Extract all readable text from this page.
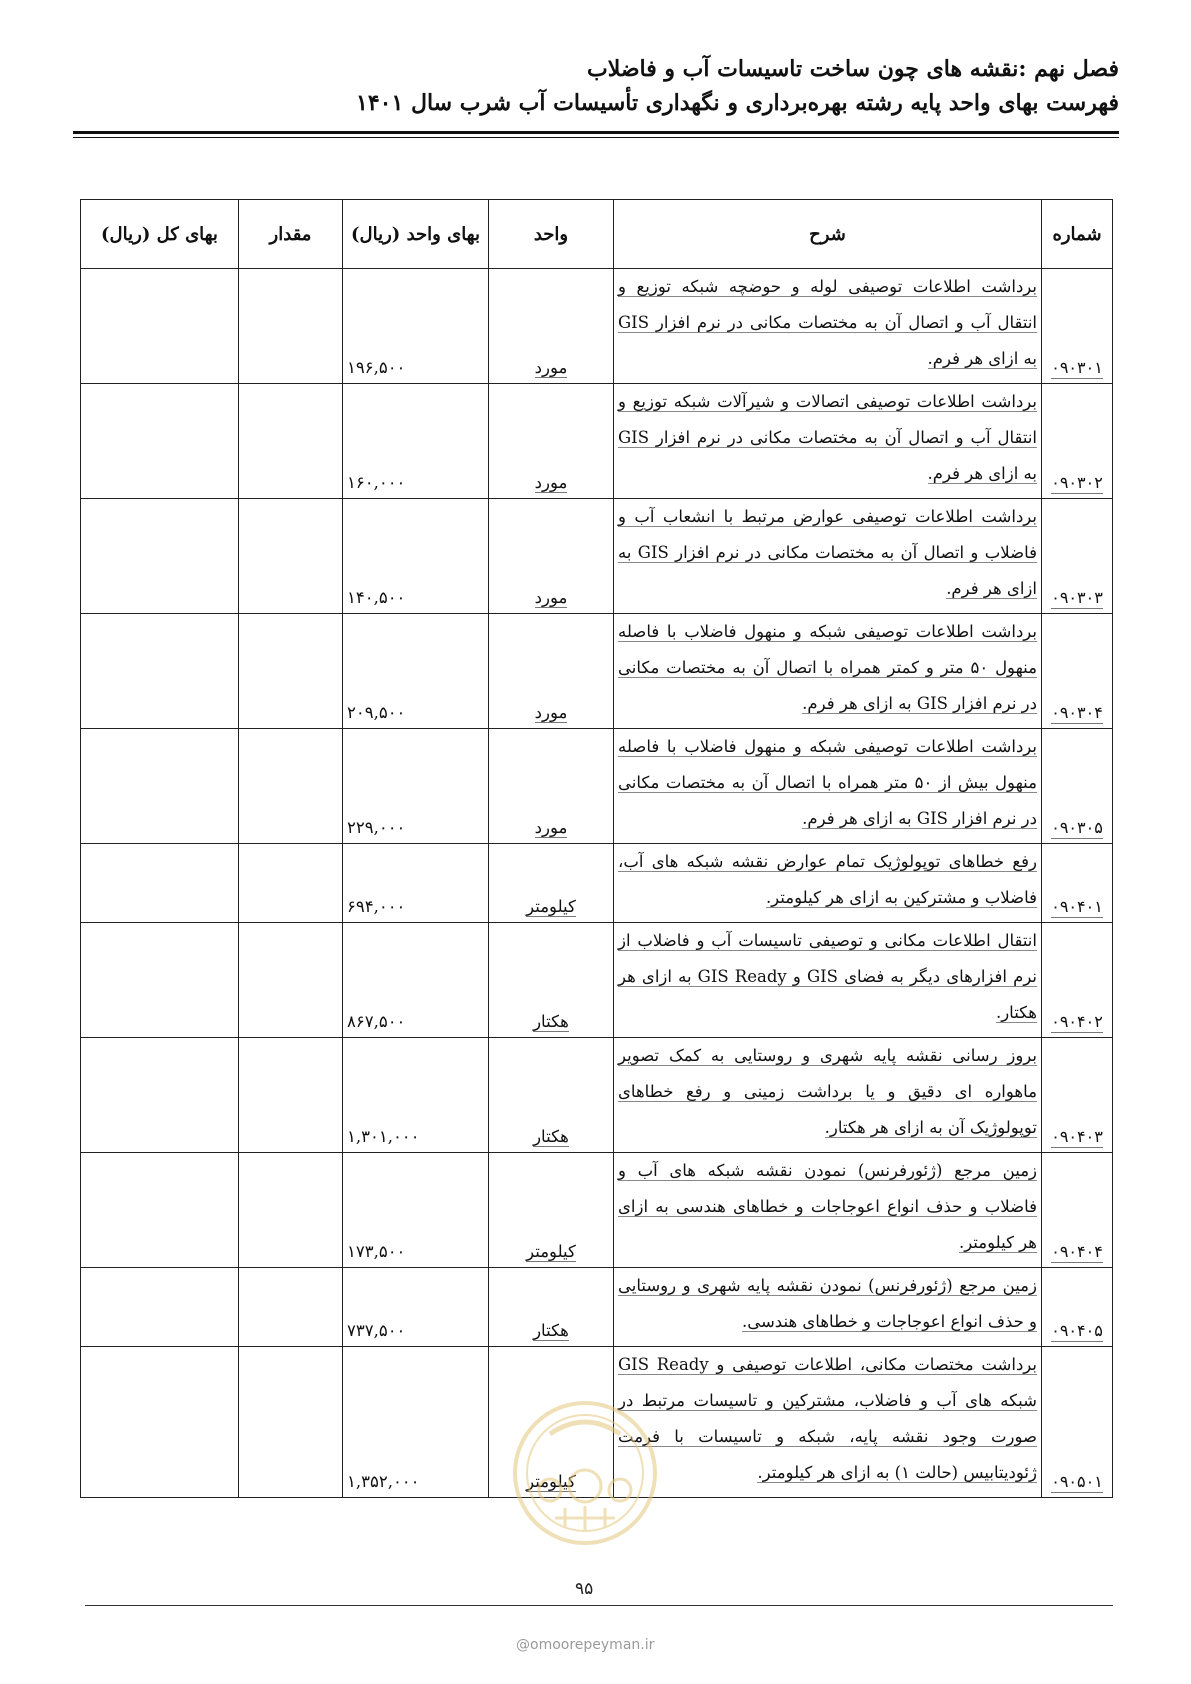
فصل نهم :نقشه های چون ساخت تاسیسات آب و فاضلاب
فهرست بهای واحد پایه رشته بهره‌برداری و نگهداری تأسیسات آب شرب سال ۱۴۰۱
شماره	شرح	واحد	بهای واحد (ریال)	مقدار	بهای کل (ریال)
۰۹۰۳۰۱	برداشت اطلاعات توصیفی لوله و حوضچه شبکه توزیع و انتقال آب و اتصال آن به مختصات مکانی در نرم افزار GIS به ازای هر فرم.	مورد	۱۹۶,۵۰۰		
۰۹۰۳۰۲	برداشت اطلاعات توصیفی اتصالات و شیرآلات شبکه توزیع و انتقال آب و اتصال آن به مختصات مکانی در نرم افزار GIS به ازای هر فرم.	مورد	۱۶۰,۰۰۰		
۰۹۰۳۰۳	برداشت اطلاعات توصیفی عوارض مرتبط با انشعاب آب و فاضلاب و اتصال آن به مختصات مکانی در نرم افزار GIS به ازای هر فرم.	مورد	۱۴۰,۵۰۰		
۰۹۰۳۰۴	برداشت اطلاعات توصیفی شبکه و منهول فاضلاب با فاصله منهول ۵۰ متر و کمتر همراه با اتصال آن به مختصات مکانی در نرم افزار GIS به ازای هر فرم.	مورد	۲۰۹,۵۰۰		
۰۹۰۳۰۵	برداشت اطلاعات توصیفی شبکه و منهول فاضلاب با فاصله منهول بیش از ۵۰ متر همراه با اتصال آن به مختصات مکانی در نرم افزار GIS به ازای هر فرم.	مورد	۲۲۹,۰۰۰		
۰۹۰۴۰۱	رفع خطاهای توپولوژیک تمام عوارض نقشه شبکه های آب، فاضلاب و مشترکین به ازای هر کیلومتر.	کیلومتر	۶۹۴,۰۰۰		
۰۹۰۴۰۲	انتقال اطلاعات مکانی و توصیفی تاسیسات آب و فاضلاب از نرم افزارهای دیگر به فضای GIS و GIS Ready به ازای هر هکتار.	هکتار	۸۶۷,۵۰۰		
۰۹۰۴۰۳	بروز رسانی نقشه پایه شهری و روستایی به کمک تصویر ماهواره ای دقیق و یا برداشت زمینی و رفع خطاهای توپولوژیک آن به ازای هر هکتار.	هکتار	۱,۳۰۱,۰۰۰		
۰۹۰۴۰۴	زمین مرجع (ژئورفرنس) نمودن نقشه شبکه های آب و فاضلاب و حذف انواع اعوجاجات و خطاهای هندسی به ازای هر کیلومتر.	کیلومتر	۱۷۳,۵۰۰		
۰۹۰۴۰۵	زمین مرجع (ژئورفرنس) نمودن نقشه پایه شهری و روستایی و حذف انواع اعوجاجات و خطاهای هندسی.	هکتار	۷۳۷,۵۰۰		
۰۹۰۵۰۱	برداشت مختصات مکانی، اطلاعات توصیفی و GIS Ready شبکه های آب و فاضلاب، مشترکین و تاسیسات مرتبط در صورت وجود نقشه پایه، شبکه و تاسیسات با فرمت ژئودیتابیس (حالت ۱) به ازای هر کیلومتر.	کیلومتر	۱,۳۵۲,۰۰۰		
۹۵
@omoorepeyman.ir
